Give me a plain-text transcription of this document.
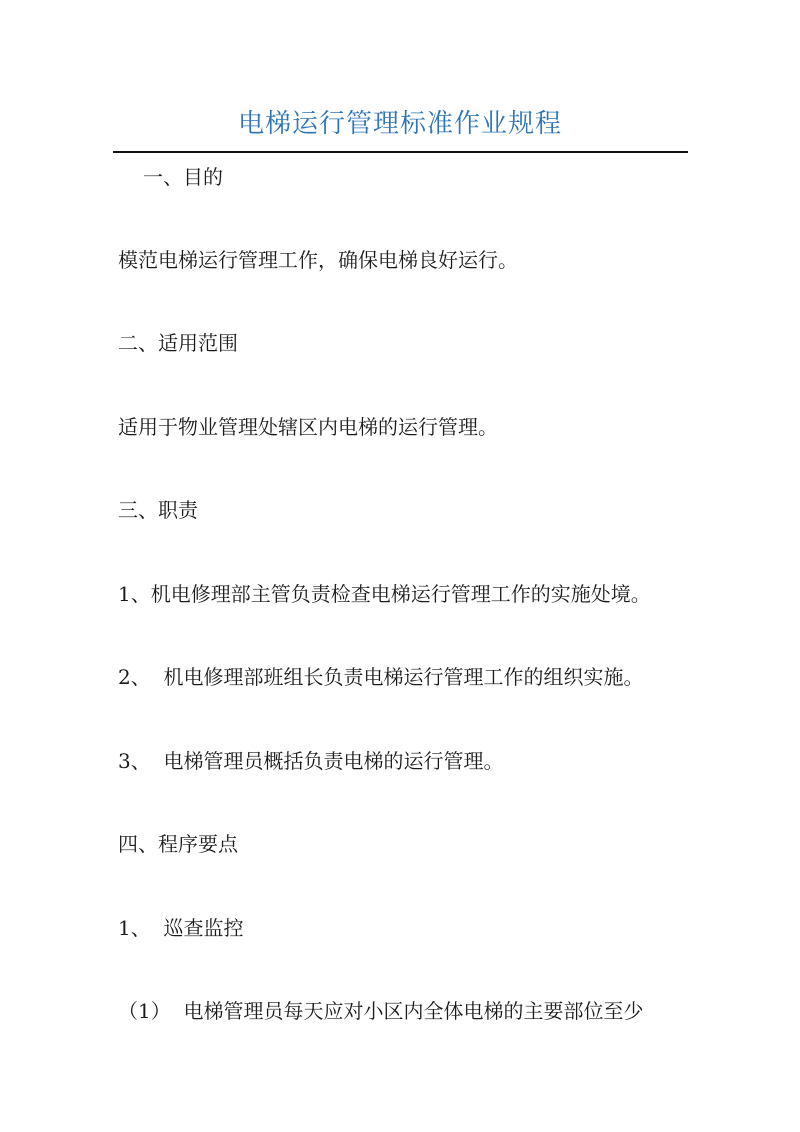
电梯运行管理标准作业规程
一、目的
模范电梯运行管理工作，确保电梯良好运行。
二、适用范围
适用于物业管理处辖区内电梯的运行管理。
三、职责
1、机电修理部主管负责检查电梯运行管理工作的实施处境。
2、  机电修理部班组长负责电梯运行管理工作的组织实施。
3、  电梯管理员概括负责电梯的运行管理。
四、程序要点
1、  巡查监控
（1）  电梯管理员每天应对小区内全体电梯的主要部位至少
